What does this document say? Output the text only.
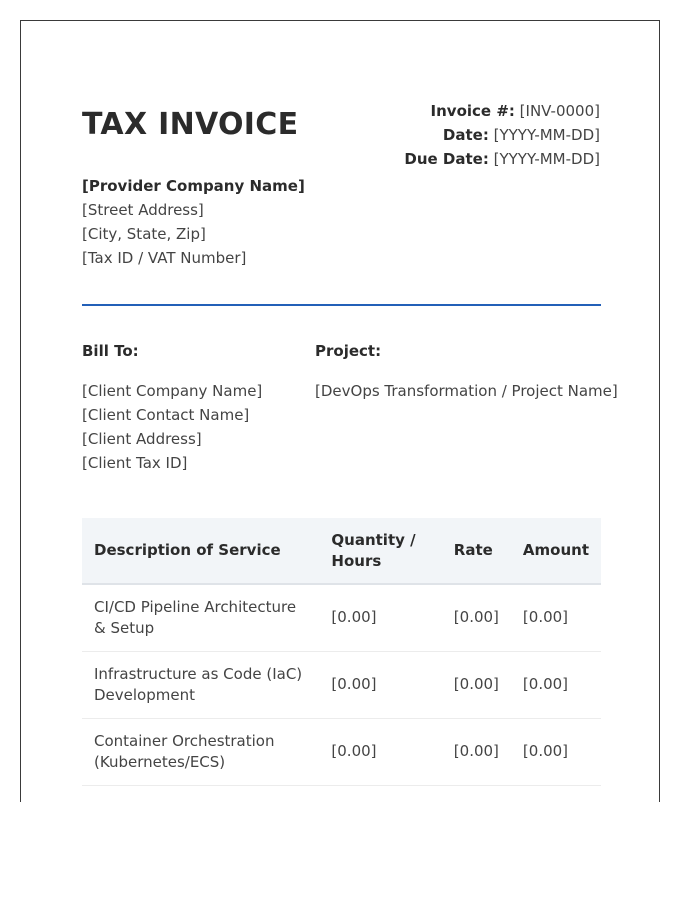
TAX INVOICE	Invoice #: [INV-0000]
Date: [YYYY-MM-DD]
Due Date: [YYYY-MM-DD]
[Provider Company Name]
[Street Address]
[City, State, Zip]
[Tax ID / VAT Number]
Bill To:
[Client Company Name]
[Client Contact Name]
[Client Address]
[Client Tax ID]
Project:
[DevOps Transformation / Project Name]
Description of Service	Quantity / Hours	Rate	Amount
CI/CD Pipeline Architecture & Setup	[0.00]	[0.00]	[0.00]
Infrastructure as Code (IaC) Development	[0.00]	[0.00]	[0.00]
Container Orchestration (Kubernetes/ECS)	[0.00]	[0.00]	[0.00]
